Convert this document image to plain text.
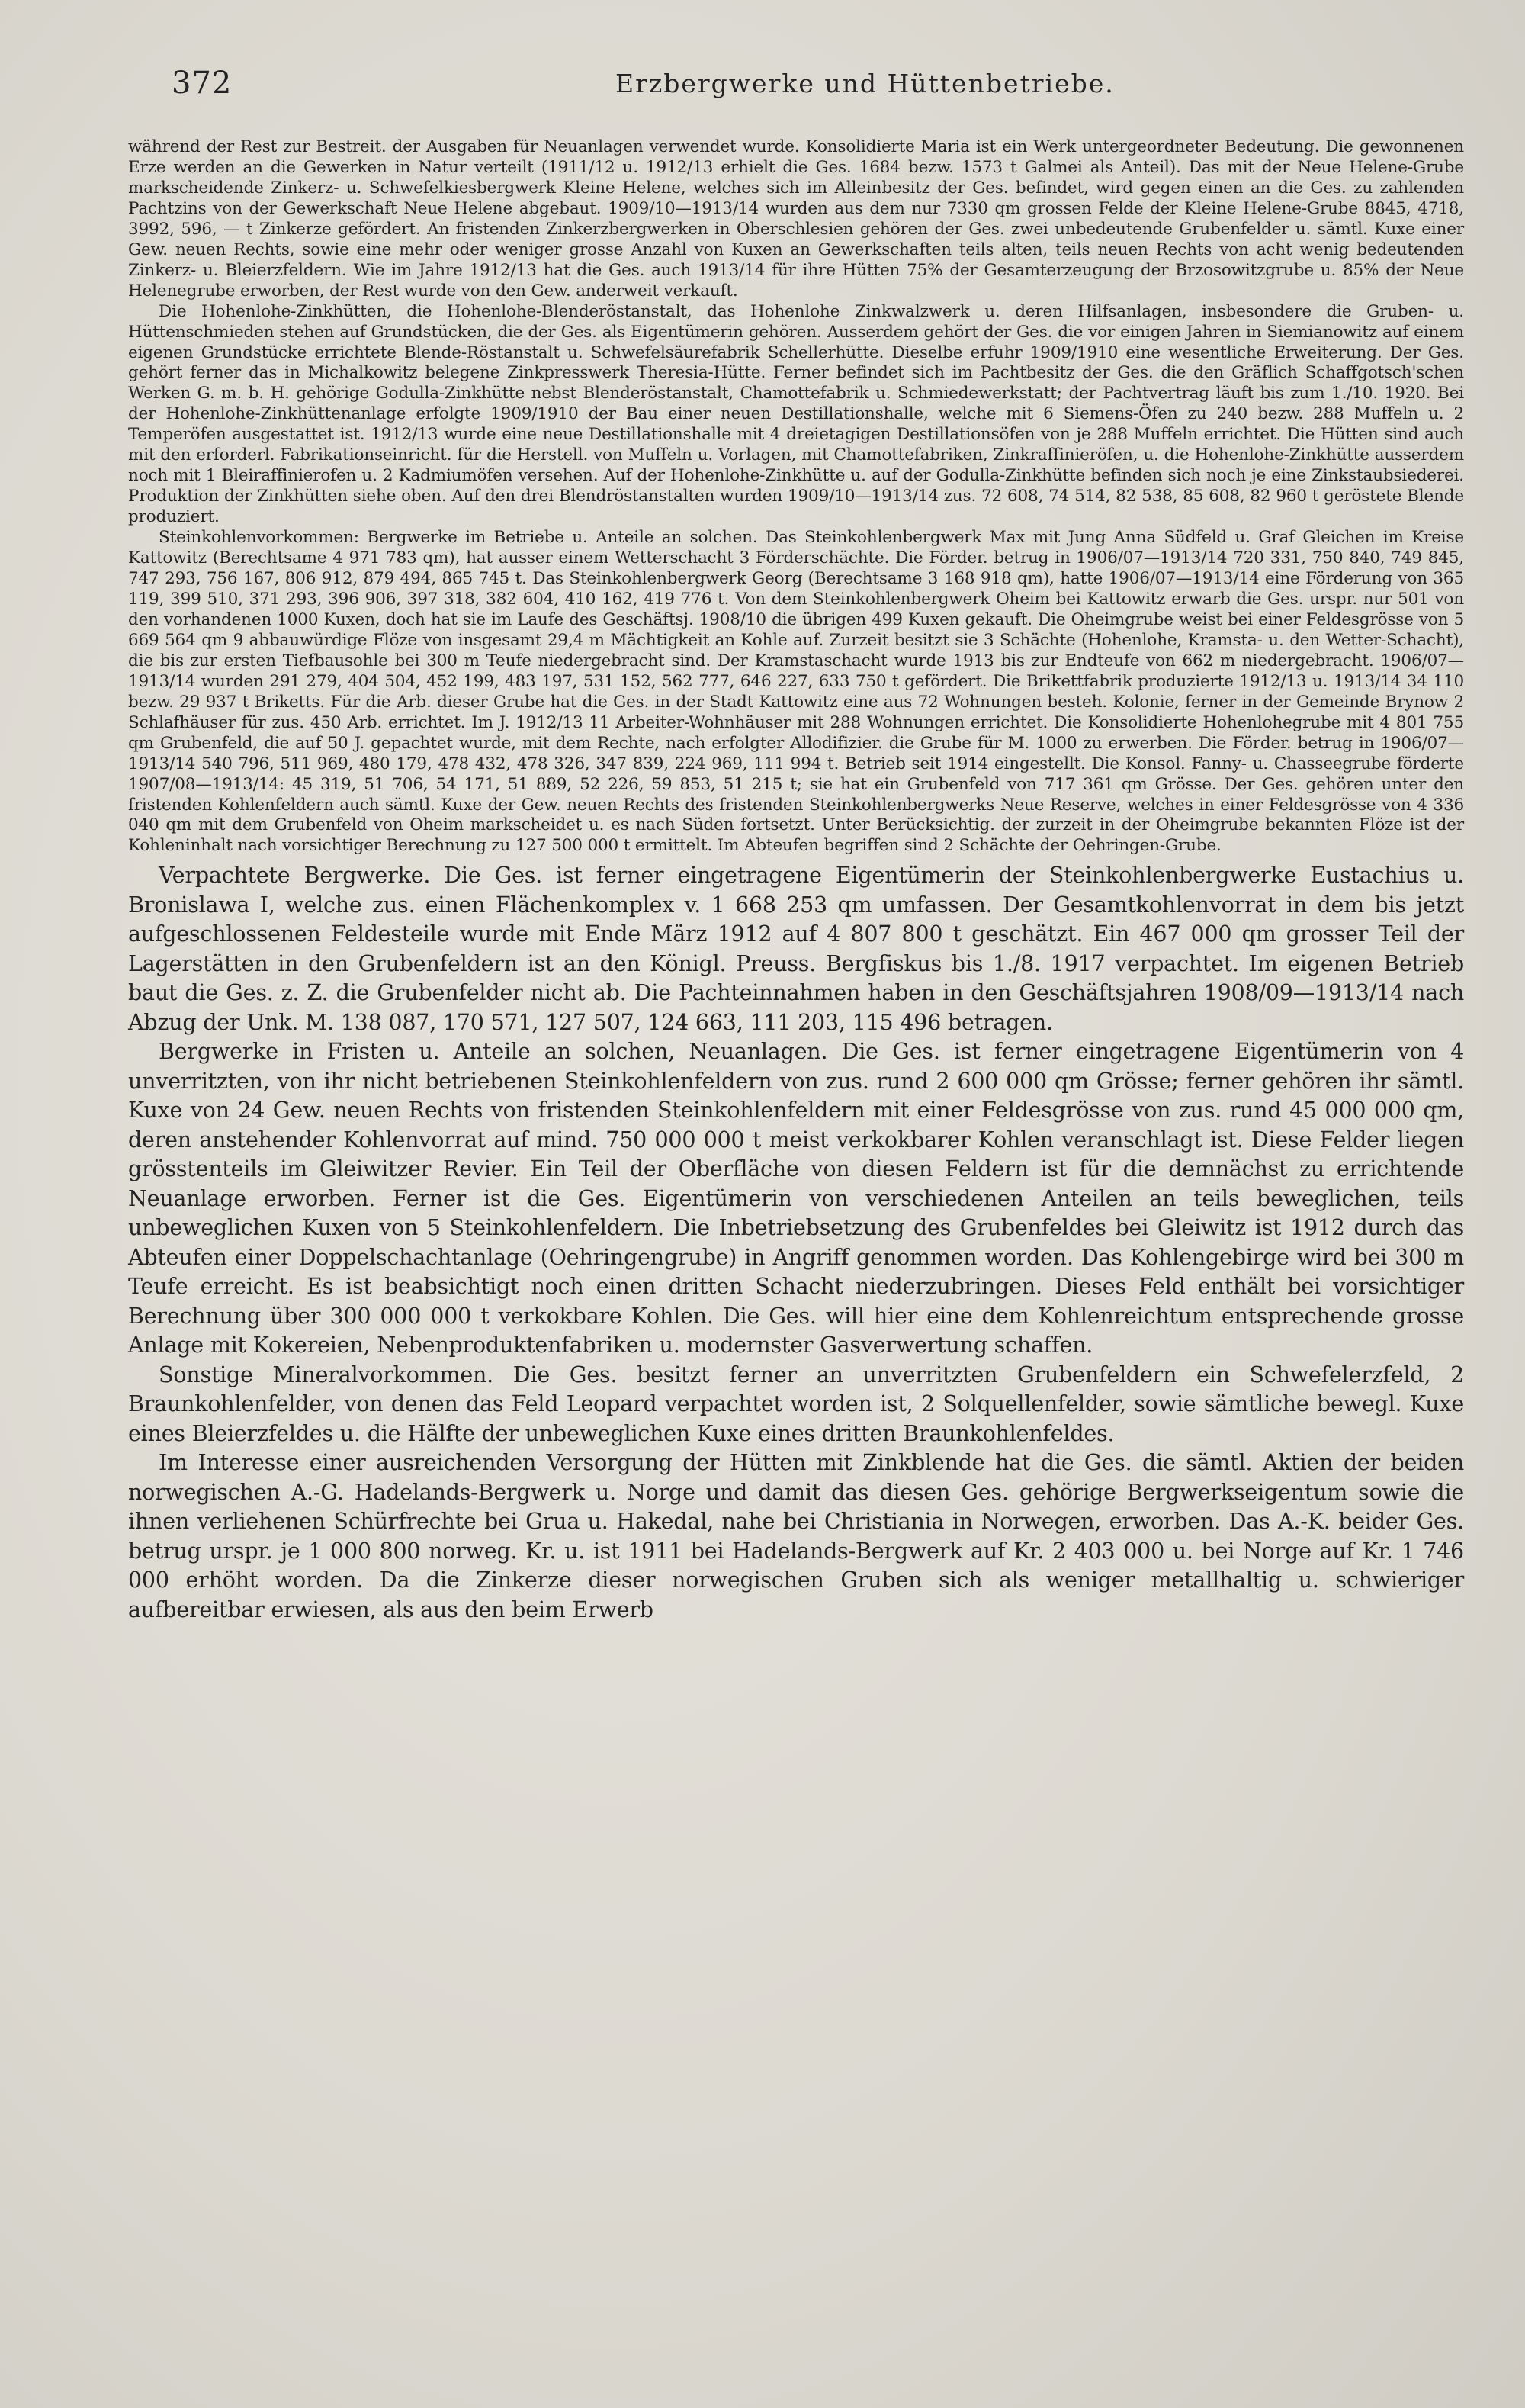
372	Erzbergwerke und Hüttenbetriebe.

während der Rest zur Bestreit. der Ausgaben für Neuanlagen verwendet wurde. Konsolidierte Maria ist ein Werk untergeordneter Bedeutung. Die gewonnenen Erze werden an die Gewerken in Natur verteilt (1911/12 u. 1912/13 erhielt die Ges. 1684 bezw. 1573 t Galmei als Anteil). Das mit der Neue Helene-Grube markscheidende Zinkerz- u. Schwefelkiesbergwerk Kleine Helene, welches sich im Alleinbesitz der Ges. befindet, wird gegen einen an die Ges. zu zahlenden Pachtzins von der Gewerkschaft Neue Helene abgebaut. 1909/10—1913/14 wurden aus dem nur 7330 qm grossen Felde der Kleine Helene-Grube 8845, 4718, 3992, 596, — t Zinkerze gefördert. An fristenden Zinkerzbergwerken in Oberschlesien gehören der Ges. zwei unbedeutende Grubenfelder u. sämtl. Kuxe einer Gew. neuen Rechts, sowie eine mehr oder weniger grosse Anzahl von Kuxen an Gewerkschaften teils alten, teils neuen Rechts von acht wenig bedeutenden Zinkerz- u. Bleierzfeldern. Wie im Jahre 1912/13 hat die Ges. auch 1913/14 für ihre Hütten 75% der Gesamterzeugung der Brzosowitzgrube u. 85% der Neue Helenegrube erworben, der Rest wurde von den Gew. anderweit verkauft.

Die Hohenlohe-Zinkhütten, die Hohenlohe-Blenderöstanstalt, das Hohenlohe Zinkwalzwerk u. deren Hilfsanlagen, insbesondere die Gruben- u. Hüttenschmieden stehen auf Grundstücken, die der Ges. als Eigentümerin gehören. Ausserdem gehört der Ges. die vor einigen Jahren in Siemianowitz auf einem eigenen Grundstücke errichtete Blende-Röstanstalt u. Schwefelsäurefabrik Schellerhütte. Dieselbe erfuhr 1909/1910 eine wesentliche Erweiterung. Der Ges. gehört ferner das in Michalkowitz belegene Zinkpresswerk Theresia-Hütte. Ferner befindet sich im Pachtbesitz der Ges. die den Gräflich Schaffgotsch'schen Werken G. m. b. H. gehörige Godulla-Zinkhütte nebst Blenderöstanstalt, Chamottefabrik u. Schmiedewerkstatt; der Pachtvertrag läuft bis zum 1./10. 1920. Bei der Hohenlohe-Zinkhüttenanlage erfolgte 1909/1910 der Bau einer neuen Destillationshalle, welche mit 6 Siemens-Öfen zu 240 bezw. 288 Muffeln u. 2 Temperöfen ausgestattet ist. 1912/13 wurde eine neue Destillationshalle mit 4 dreietagigen Destillationsöfen von je 288 Muffeln errichtet. Die Hütten sind auch mit den erforderl. Fabrikationseinricht. für die Herstell. von Muffeln u. Vorlagen, mit Chamottefabriken, Zinkraffinieröfen, u. die Hohenlohe-Zinkhütte ausserdem noch mit 1 Bleiraffinierofen u. 2 Kadmiumöfen versehen. Auf der Hohenlohe-Zinkhütte u. auf der Godulla-Zinkhütte befinden sich noch je eine Zinkstaubsiederei. Produktion der Zinkhütten siehe oben. Auf den drei Blendröstanstalten wurden 1909/10—1913/14 zus. 72 608, 74 514, 82 538, 85 608, 82 960 t geröstete Blende produziert.

Steinkohlenvorkommen: Bergwerke im Betriebe u. Anteile an solchen. Das Steinkohlenbergwerk Max mit Jung Anna Südfeld u. Graf Gleichen im Kreise Kattowitz (Berechtsame 4 971 783 qm), hat ausser einem Wetterschacht 3 Förderschächte. Die Förder. betrug in 1906/07—1913/14 720 331, 750 840, 749 845, 747 293, 756 167, 806 912, 879 494, 865 745 t. Das Steinkohlenbergwerk Georg (Berechtsame 3 168 918 qm), hatte 1906/07—1913/14 eine Förderung von 365 119, 399 510, 371 293, 396 906, 397 318, 382 604, 410 162, 419 776 t. Von dem Steinkohlenbergwerk Oheim bei Kattowitz erwarb die Ges. urspr. nur 501 von den vorhandenen 1000 Kuxen, doch hat sie im Laufe des Geschäftsj. 1908/10 die übrigen 499 Kuxen gekauft. Die Oheimgrube weist bei einer Feldesgrösse von 5 669 564 qm 9 abbauwürdige Flöze von insgesamt 29,4 m Mächtigkeit an Kohle auf. Zurzeit besitzt sie 3 Schächte (Hohenlohe, Kramsta- u. den Wetter-Schacht), die bis zur ersten Tiefbausohle bei 300 m Teufe niedergebracht sind. Der Kramstaschacht wurde 1913 bis zur Endteufe von 662 m niedergebracht. 1906/07—1913/14 wurden 291 279, 404 504, 452 199, 483 197, 531 152, 562 777, 646 227, 633 750 t gefördert. Die Brikettfabrik produzierte 1912/13 u. 1913/14 34 110 bezw. 29 937 t Briketts. Für die Arb. dieser Grube hat die Ges. in der Stadt Kattowitz eine aus 72 Wohnungen besteh. Kolonie, ferner in der Gemeinde Brynow 2 Schlafhäuser für zus. 450 Arb. errichtet. Im J. 1912/13 11 Arbeiter-Wohnhäuser mit 288 Wohnungen errichtet. Die Konsolidierte Hohenlohegrube mit 4 801 755 qm Grubenfeld, die auf 50 J. gepachtet wurde, mit dem Rechte, nach erfolgter Allodifizier. die Grube für M. 1000 zu erwerben. Die Förder. betrug in 1906/07—1913/14 540 796, 511 969, 480 179, 478 432, 478 326, 347 839, 224 969, 111 994 t. Betrieb seit 1914 eingestellt. Die Konsol. Fanny- u. Chasseegrube förderte 1907/08—1913/14: 45 319, 51 706, 54 171, 51 889, 52 226, 59 853, 51 215 t; sie hat ein Grubenfeld von 717 361 qm Grösse. Der Ges. gehören unter den fristenden Kohlenfeldern auch sämtl. Kuxe der Gew. neuen Rechts des fristenden Steinkohlenbergwerks Neue Reserve, welches in einer Feldesgrösse von 4 336 040 qm mit dem Grubenfeld von Oheim markscheidet u. es nach Süden fortsetzt. Unter Berücksichtig. der zurzeit in der Oheimgrube bekannten Flöze ist der Kohleninhalt nach vorsichtiger Berechnung zu 127 500 000 t ermittelt. Im Abteufen begriffen sind 2 Schächte der Oehringen-Grube.

Verpachtete Bergwerke. Die Ges. ist ferner eingetragene Eigentümerin der Steinkohlenbergwerke Eustachius u. Bronislawa I, welche zus. einen Flächenkomplex v. 1 668 253 qm umfassen. Der Gesamtkohlenvorrat in dem bis jetzt aufgeschlossenen Feldesteile wurde mit Ende März 1912 auf 4 807 800 t geschätzt. Ein 467 000 qm grosser Teil der Lagerstätten in den Grubenfeldern ist an den Königl. Preuss. Bergfiskus bis 1./8. 1917 verpachtet. Im eigenen Betrieb baut die Ges. z. Z. die Grubenfelder nicht ab. Die Pachteinnahmen haben in den Geschäftsjahren 1908/09—1913/14 nach Abzug der Unk. M. 138 087, 170 571, 127 507, 124 663, 111 203, 115 496 betragen.

Bergwerke in Fristen u. Anteile an solchen, Neuanlagen. Die Ges. ist ferner eingetragene Eigentümerin von 4 unverritzten, von ihr nicht betriebenen Steinkohlenfeldern von zus. rund 2 600 000 qm Grösse; ferner gehören ihr sämtl. Kuxe von 24 Gew. neuen Rechts von fristenden Steinkohlenfeldern mit einer Feldesgrösse von zus. rund 45 000 000 qm, deren anstehender Kohlenvorrat auf mind. 750 000 000 t meist verkokbarer Kohlen veranschlagt ist. Diese Felder liegen grösstenteils im Gleiwitzer Revier. Ein Teil der Oberfläche von diesen Feldern ist für die demnächst zu errichtende Neuanlage erworben. Ferner ist die Ges. Eigentümerin von verschiedenen Anteilen an teils beweglichen, teils unbeweglichen Kuxen von 5 Steinkohlenfeldern. Die Inbetriebsetzung des Grubenfeldes bei Gleiwitz ist 1912 durch das Abteufen einer Doppelschachtanlage (Oehringengrube) in Angriff genommen worden. Das Kohlengebirge wird bei 300 m Teufe erreicht. Es ist beabsichtigt noch einen dritten Schacht niederzubringen. Dieses Feld enthält bei vorsichtiger Berechnung über 300 000 000 t verkokbare Kohlen. Die Ges. will hier eine dem Kohlenreichtum entsprechende grosse Anlage mit Kokereien, Nebenproduktenfabriken u. modernster Gasverwertung schaffen.

Sonstige Mineralvorkommen. Die Ges. besitzt ferner an unverritzten Grubenfeldern ein Schwefelerzfeld, 2 Braunkohlenfelder, von denen das Feld Leopard verpachtet worden ist, 2 Solquellenfelder, sowie sämtliche bewegl. Kuxe eines Bleierzfeldes u. die Hälfte der unbeweglichen Kuxe eines dritten Braunkohlenfeldes.

Im Interesse einer ausreichenden Versorgung der Hütten mit Zinkblende hat die Ges. die sämtl. Aktien der beiden norwegischen A.-G. Hadelands-Bergwerk u. Norge und damit das diesen Ges. gehörige Bergwerkseigentum sowie die ihnen verliehenen Schürfrechte bei Grua u. Hakedal, nahe bei Christiania in Norwegen, erworben. Das A.-K. beider Ges. betrug urspr. je 1 000 800 norweg. Kr. u. ist 1911 bei Hadelands-Bergwerk auf Kr. 2 403 000 u. bei Norge auf Kr. 1 746 000 erhöht worden. Da die Zinkerze dieser norwegischen Gruben sich als weniger metallhaltig u. schwieriger aufbereitbar erwiesen, als aus den beim Erwerb
